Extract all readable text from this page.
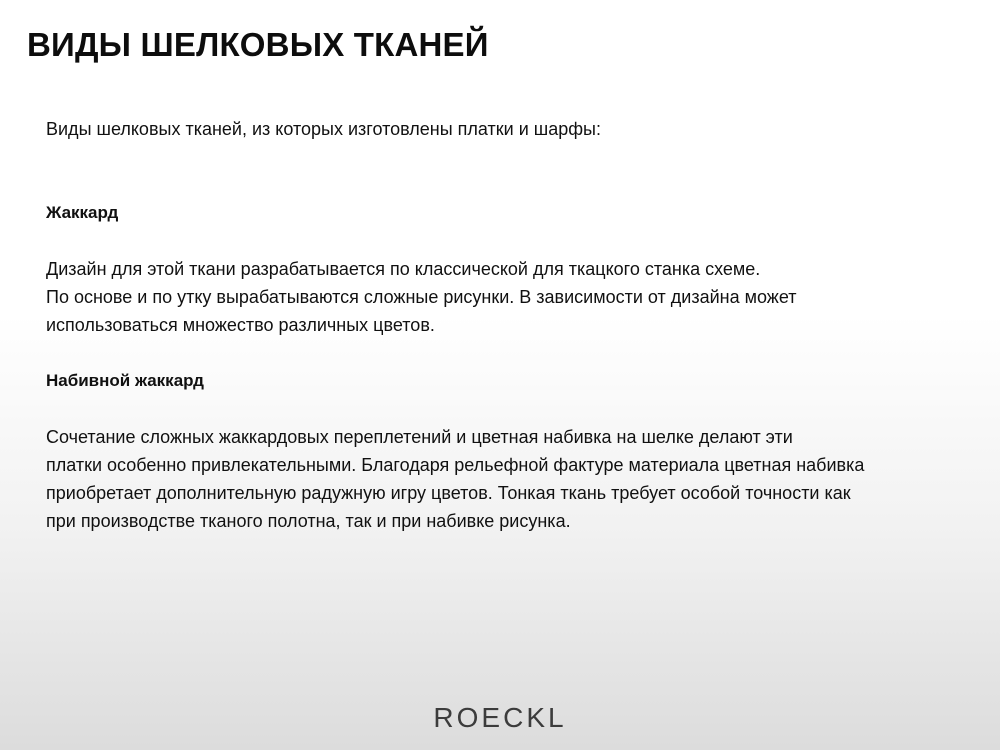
ВИДЫ ШЕЛКОВЫХ ТКАНЕЙ

Виды шелковых тканей, из которых изготовлены платки и шарфы:

Жаккард

Дизайн для этой ткани разрабатывается по классической для ткацкого станка схеме.
По основе и по утку вырабатываются сложные рисунки. В зависимости от дизайна может
использоваться множество различных цветов.

Набивной жаккард

Сочетание сложных жаккардовых переплетений и цветная набивка на шелке делают эти
платки особенно привлекательными. Благодаря рельефной фактуре материала цветная набивка
приобретает дополнительную радужную игру цветов. Тонкая ткань требует особой точности как
при производстве тканого полотна, так и при набивке рисунка.

ROECKL
